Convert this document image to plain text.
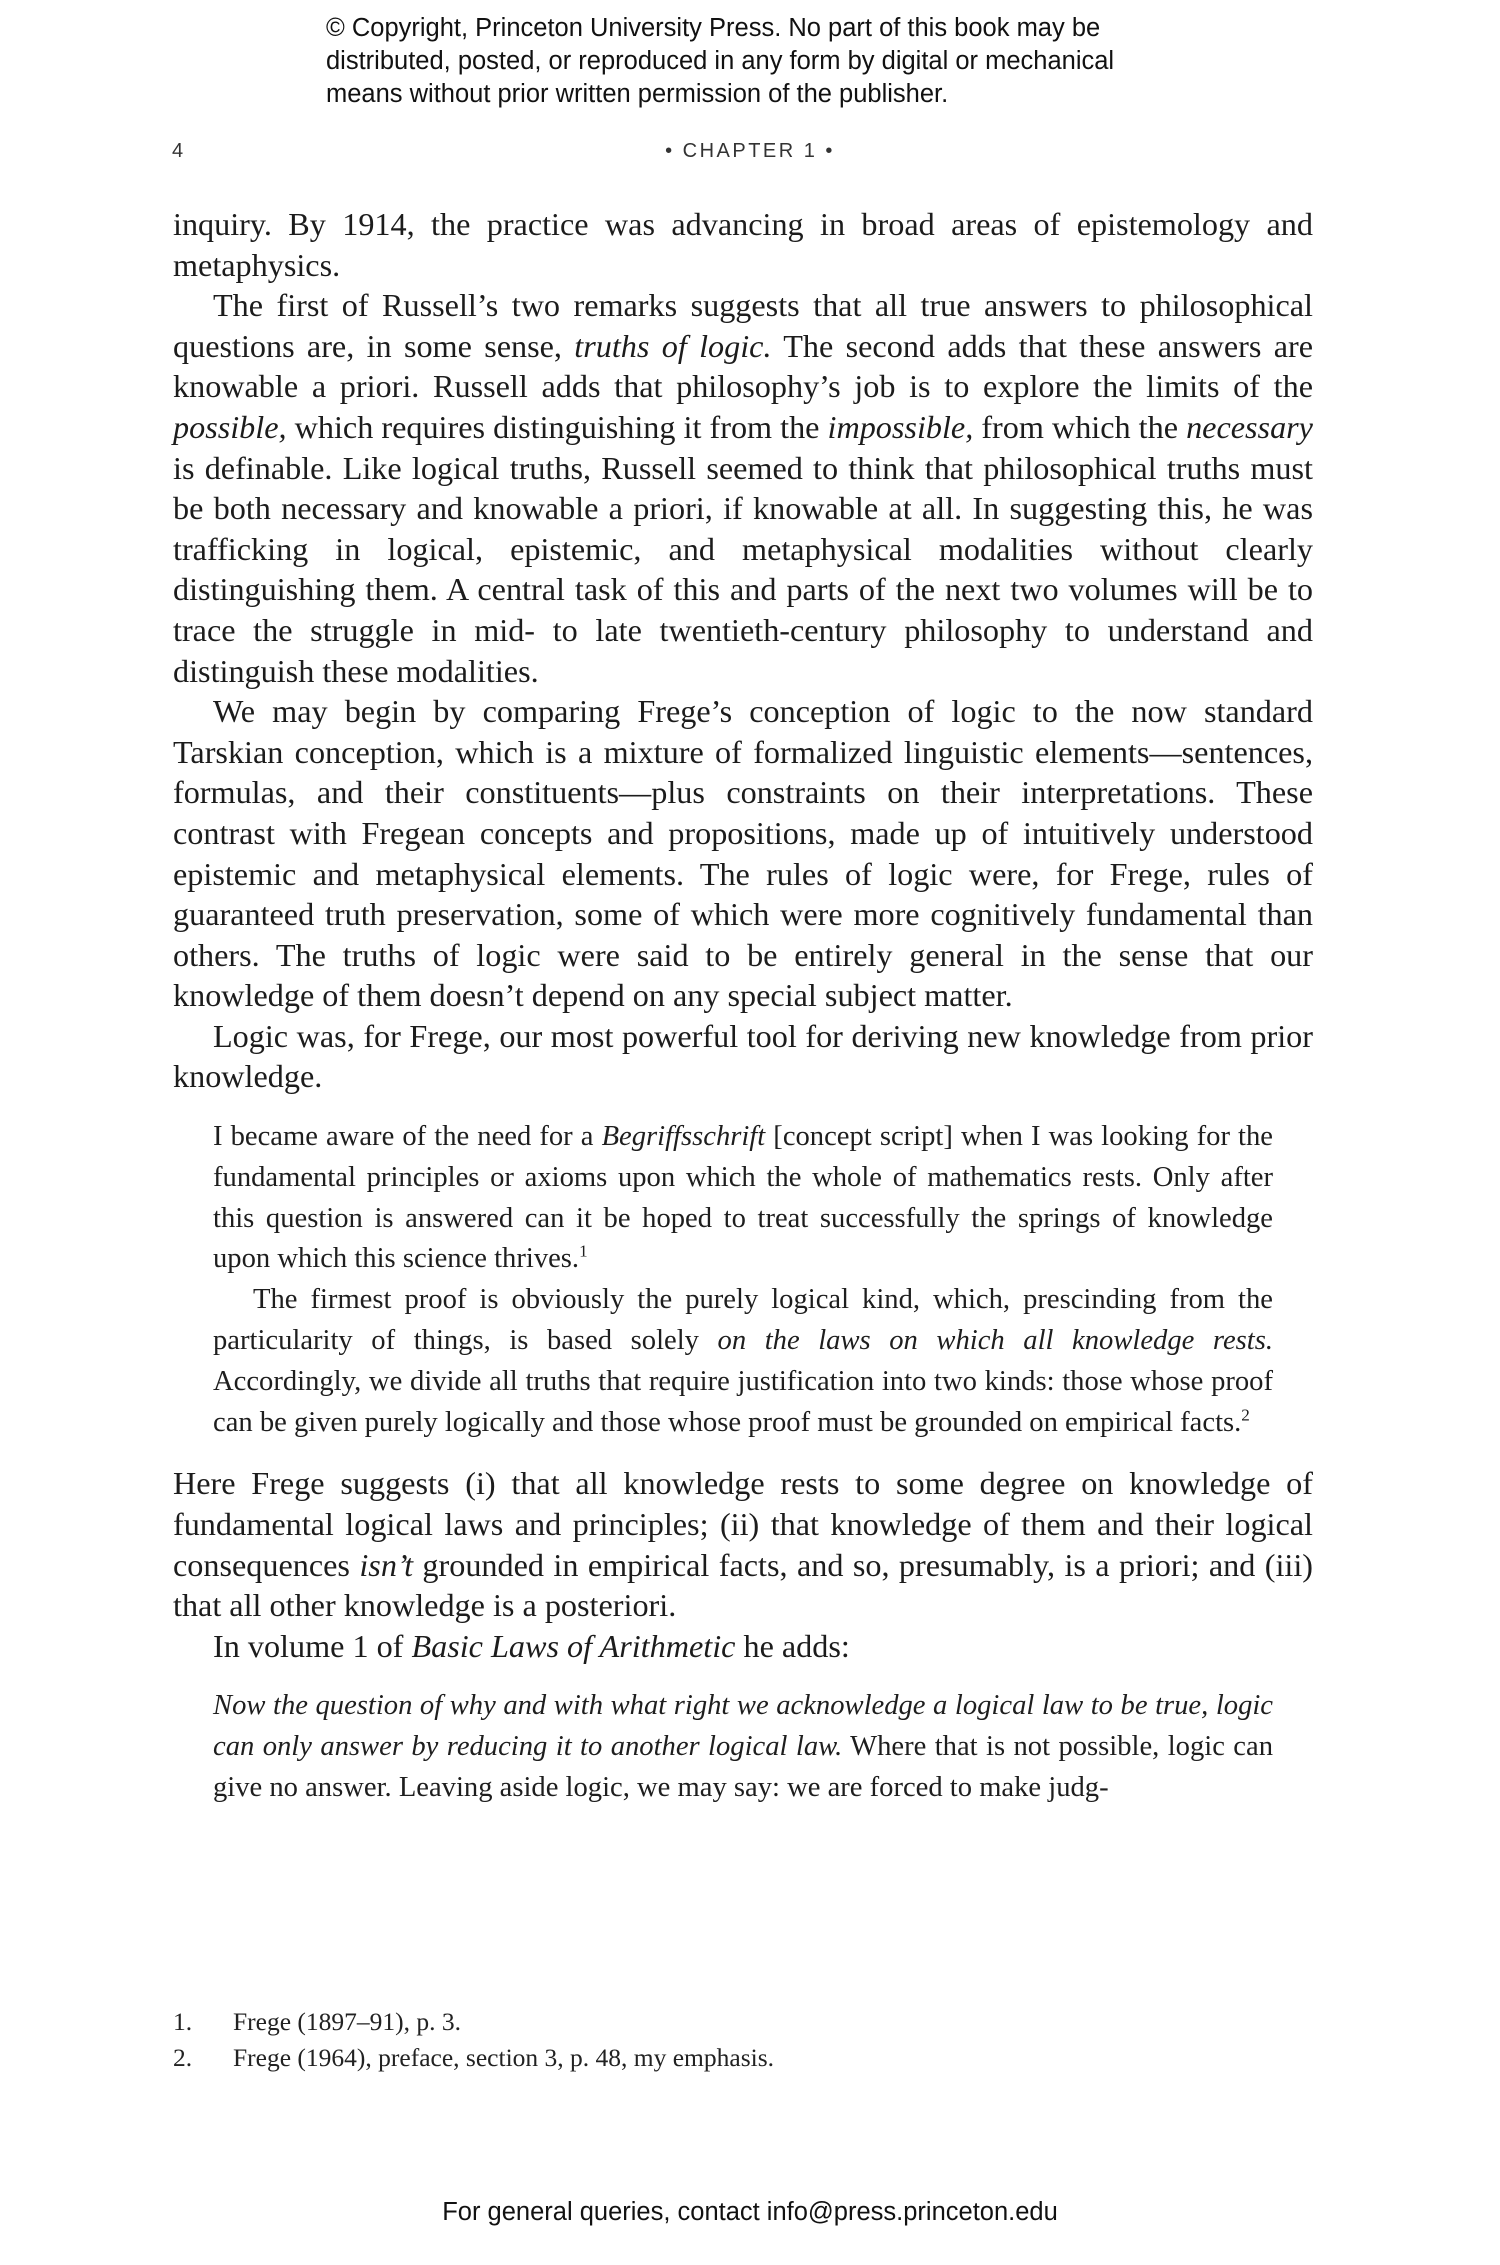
© Copyright, Princeton University Press. No part of this book may be
distributed, posted, or reproduced in any form by digital or mechanical
means without prior written permission of the publisher.
4	• CHAPTER 1 •

inquiry. By 1914, the practice was advancing in broad areas of epistemology and metaphysics.

The first of Russell’s two remarks suggests that all true answers to philosophical questions are, in some sense, truths of logic. The second adds that these answers are knowable a priori. Russell adds that philosophy’s job is to explore the limits of the possible, which requires distinguishing it from the impossible, from which the necessary is definable. Like logical truths, Russell seemed to think that philosophical truths must be both necessary and knowable a priori, if knowable at all. In suggesting this, he was trafficking in logical, epistemic, and metaphysical modalities without clearly distinguishing them. A central task of this and parts of the next two volumes will be to trace the struggle in mid- to late twentieth-century philosophy to understand and distinguish these modalities.

We may begin by comparing Frege’s conception of logic to the now standard Tarskian conception, which is a mixture of formalized linguistic elements—sentences, formulas, and their constituents—plus constraints on their interpretations. These contrast with Fregean concepts and propositions, made up of intuitively understood epistemic and metaphysical elements. The rules of logic were, for Frege, rules of guaranteed truth preservation, some of which were more cognitively fundamental than others. The truths of logic were said to be entirely general in the sense that our knowledge of them doesn’t depend on any special subject matter.

Logic was, for Frege, our most powerful tool for deriving new knowledge from prior knowledge.

I became aware of the need for a Begriffsschrift [concept script] when I was looking for the fundamental principles or axioms upon which the whole of mathematics rests. Only after this question is answered can it be hoped to treat successfully the springs of knowledge upon which this science thrives.$^1$

The firmest proof is obviously the purely logical kind, which, prescinding from the particularity of things, is based solely on the laws on which all knowledge rests. Accordingly, we divide all truths that require justification into two kinds: those whose proof can be given purely logically and those whose proof must be grounded on empirical facts.$^2$

Here Frege suggests (i) that all knowledge rests to some degree on knowledge of fundamental logical laws and principles; (ii) that knowledge of them and their logical consequences isn’t grounded in empirical facts, and so, presumably, is a priori; and (iii) that all other knowledge is a posteriori.

In volume 1 of Basic Laws of Arithmetic he adds:

Now the question of why and with what right we acknowledge a logical law to be true, logic can only answer by reducing it to another logical law. Where that is not possible, logic can give no answer. Leaving aside logic, we may say: we are forced to make judg-

1.	Frege (1897–91), p. 3.
2.	Frege (1964), preface, section 3, p. 48, my emphasis.
For general queries, contact info@press.princeton.edu
